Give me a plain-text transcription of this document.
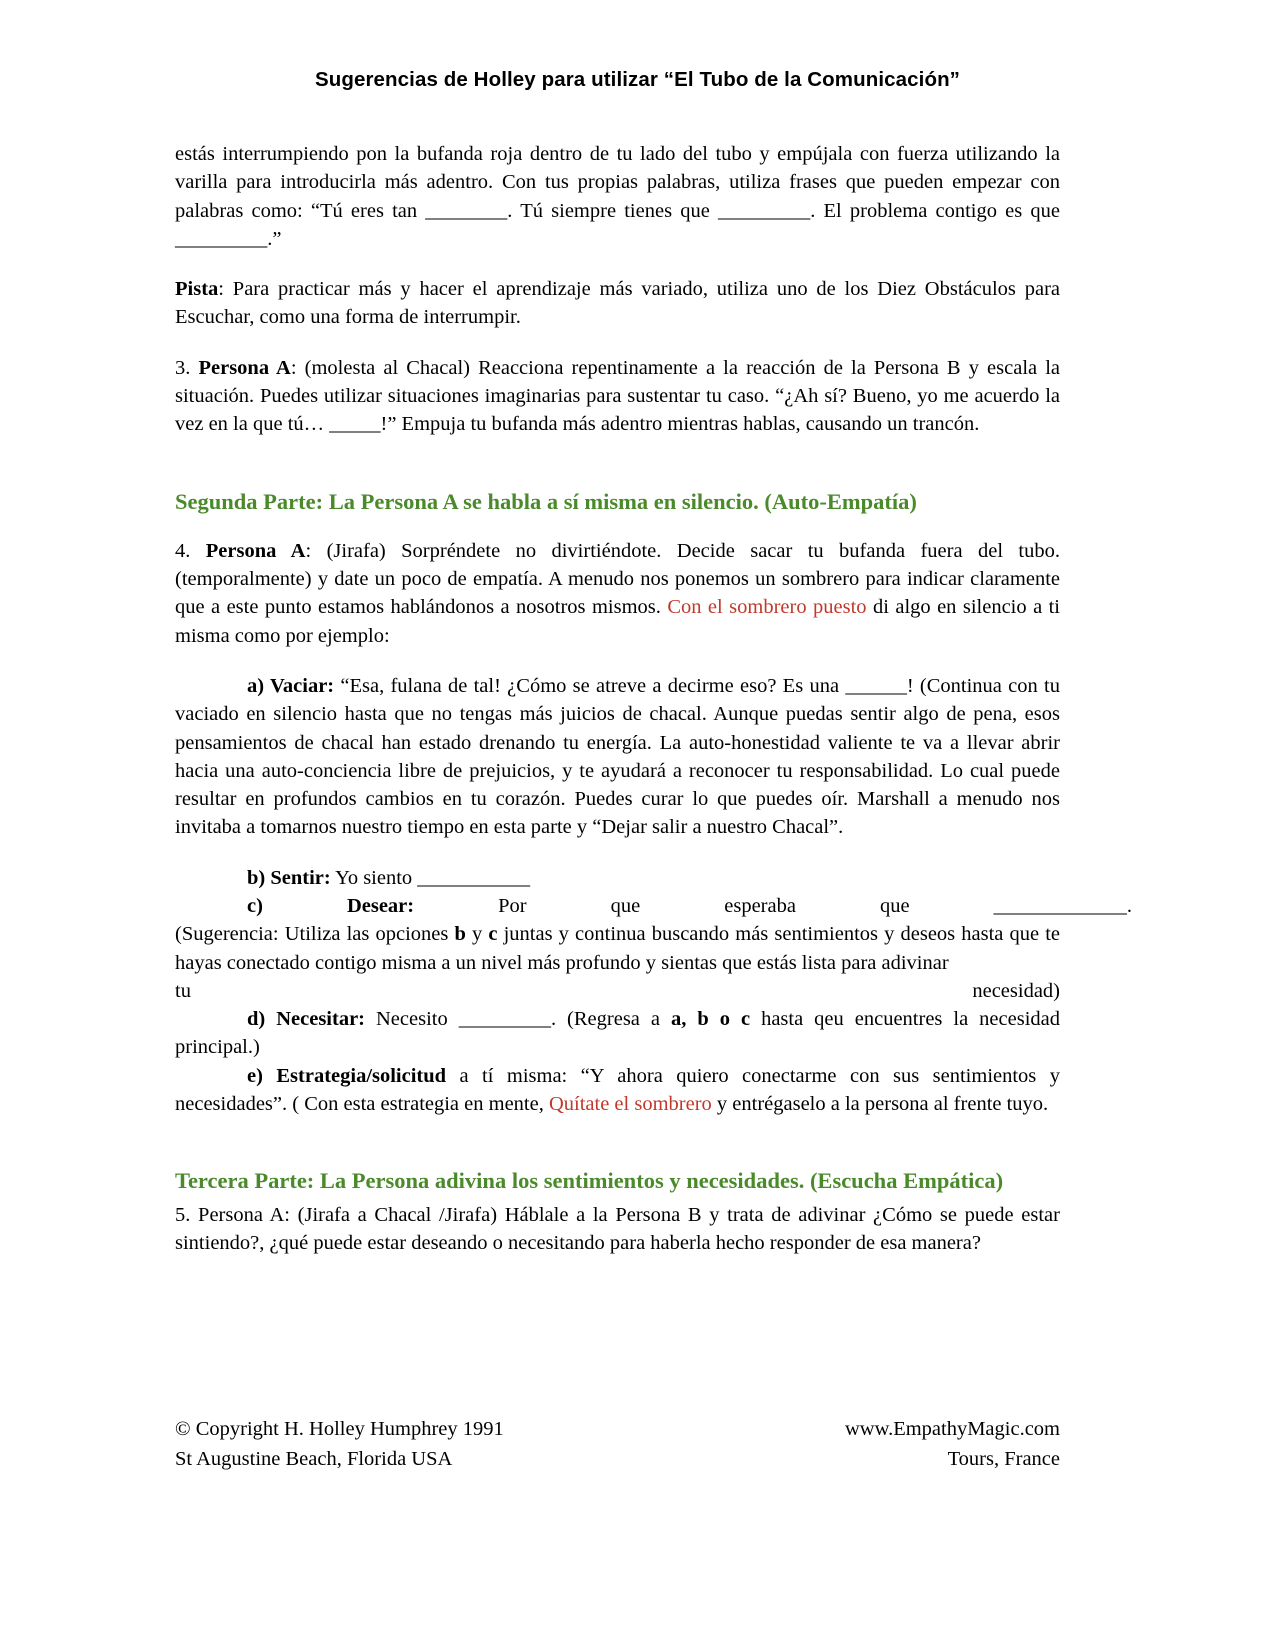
Sugerencias de Holley para utilizar “El Tubo de la Comunicación”

estás interrumpiendo pon la bufanda roja dentro de tu lado del tubo y empújala con fuerza utilizando la varilla para introducirla más adentro. Con tus propias palabras, utiliza frases que pueden empezar con palabras como: “Tú eres tan ________. Tú siempre tienes que _________. El problema contigo es que _________.”

Pista: Para practicar más y hacer el aprendizaje más variado, utiliza uno de los Diez Obstáculos para Escuchar, como una forma de interrumpir.

3. Persona A: (molesta al Chacal) Reacciona repentinamente a la reacción de la Persona B y escala la situación. Puedes utilizar situaciones imaginarias para sustentar tu caso. “¿Ah sí? Bueno, yo me acuerdo la vez en la que tú… _____!” Empuja tu bufanda más adentro mientras hablas, causando un trancón.

Segunda Parte: La Persona A se habla a sí misma en silencio. (Auto-Empatía)

4. Persona A: (Jirafa) Sorpréndete no divirtiéndote. Decide sacar tu bufanda fuera del tubo. (temporalmente) y date un poco de empatía. A menudo nos ponemos un sombrero para indicar claramente que a este punto estamos hablándonos a nosotros mismos. Con el sombrero puesto di algo en silencio a ti misma como por ejemplo:

a) Vaciar: “Esa, fulana de tal! ¿Cómo se atreve a decirme eso? Es una ______! (Continua con tu vaciado en silencio hasta que no tengas más juicios de chacal. Aunque puedas sentir algo de pena, esos pensamientos de chacal han estado drenando tu energía. La auto-honestidad valiente te va a llevar abrir hacia una auto-conciencia libre de prejuicios, y te ayudará a reconocer tu responsabilidad. Lo cual puede resultar en profundos cambios en tu corazón. Puedes curar lo que puedes oír. Marshall a menudo nos invitaba a tomarnos nuestro tiempo en esta parte y “Dejar salir a nuestro Chacal”.

b) Sentir: Yo siento ___________

c)	Desear:	Por	que	esperaba	que	_____________.

(Sugerencia: Utiliza las opciones b y c juntas y continua buscando más sentimientos y deseos hasta que te hayas conectado contigo misma a un nivel más profundo y sientas que estás lista para adivinar

tu	necesidad)

d) Necesitar: Necesito _________. (Regresa a a, b o c hasta qeu encuentres la necesidad principal.)

e) Estrategia/solicitud a tí misma: “Y ahora quiero conectarme con sus sentimientos y necesidades”. ( Con esta estrategia en mente, Quítate el sombrero y entrégaselo a la persona al frente tuyo.

Tercera Parte: La Persona adivina los sentimientos y necesidades. (Escucha Empática)

5. Persona A: (Jirafa a Chacal /Jirafa) Háblale a la Persona B y trata de adivinar ¿Cómo se puede estar sintiendo?, ¿qué puede estar deseando o necesitando para haberla hecho responder de esa manera?

© Copyright H. Holley Humphrey 1991	www.EmpathyMagic.com
St Augustine Beach, Florida USA	Tours, France
